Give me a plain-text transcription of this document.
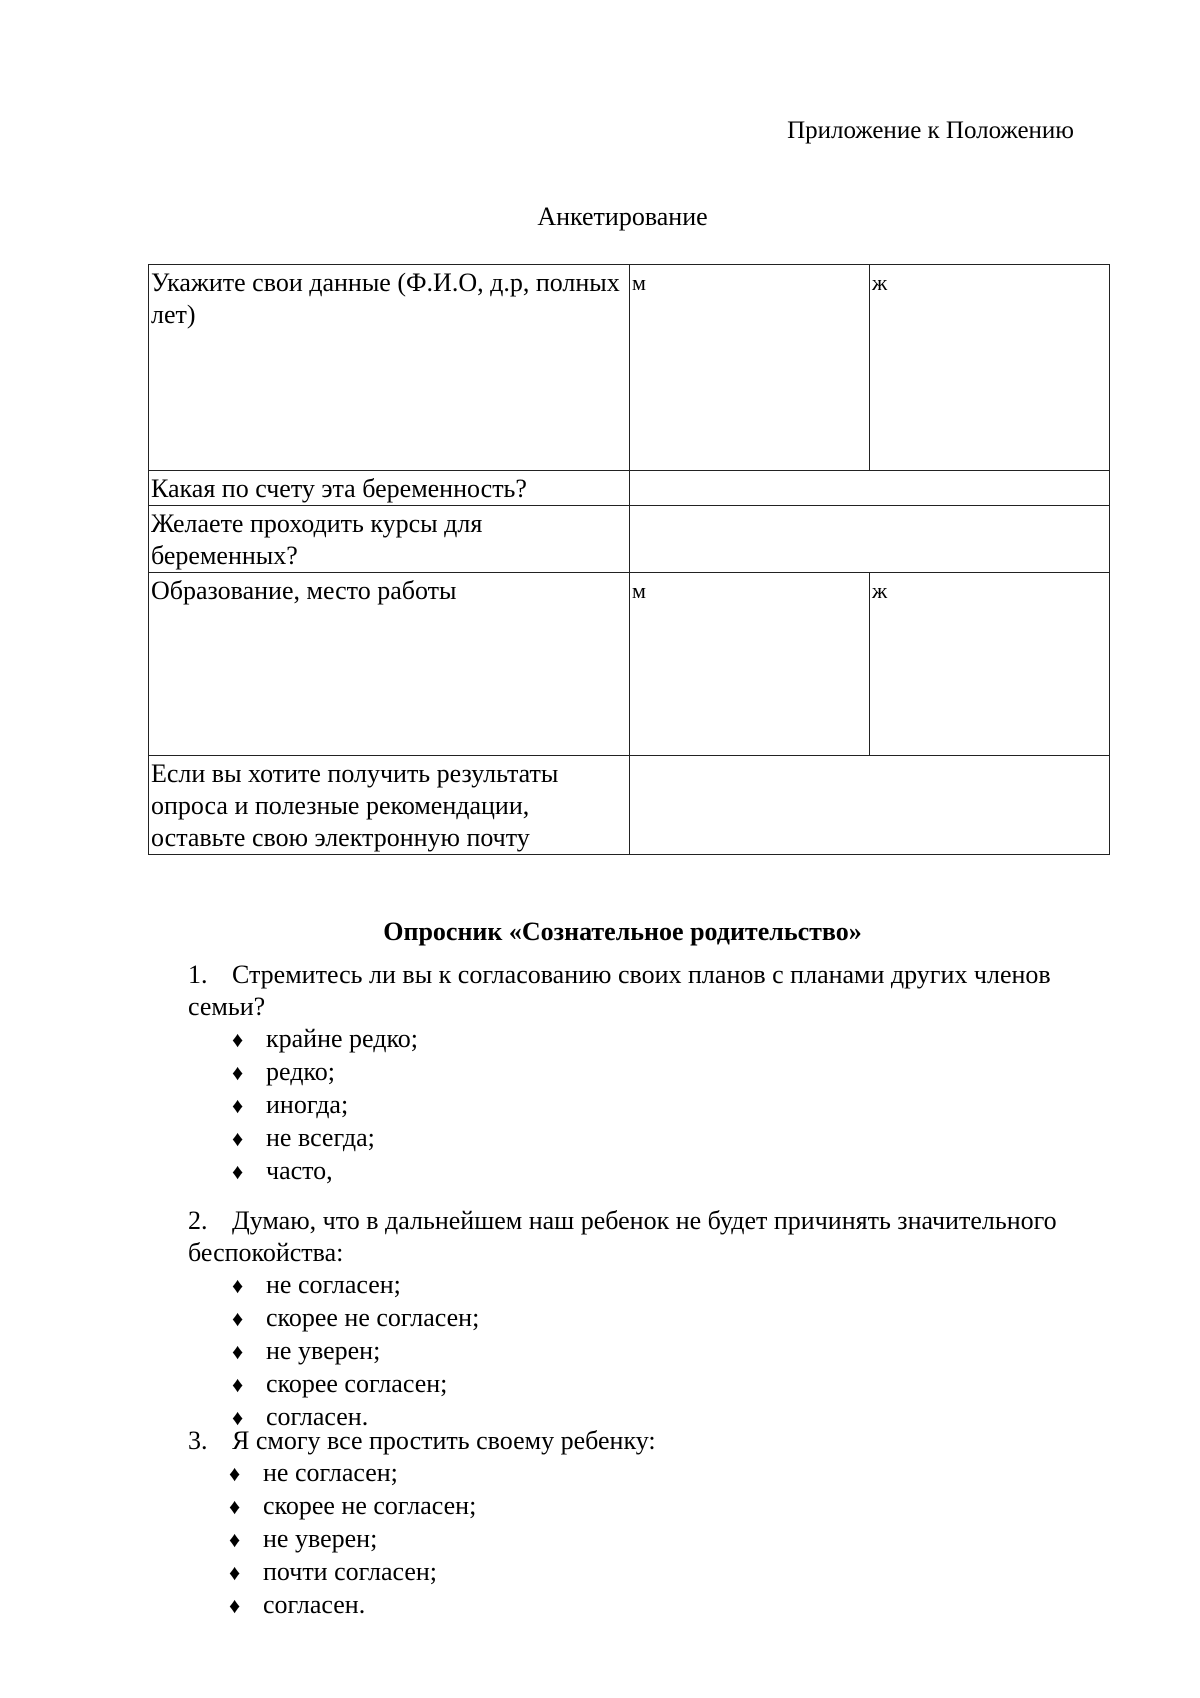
Приложение к Положению
Анкетирование
Укажите свои данные (Ф.И.О, д.р, полных лет)	м	ж
Какая по счету эта беременность?		
Желаете проходить курсы для беременных?		
Образование, место работы	м	ж
Если вы хотите получить результаты опроса и полезные рекомендации, оставьте свою электронную почту		
Опросник «Сознательное родительство»
1. Стремитесь ли вы к согласованию своих планов с планами других членов семьи?
♦ крайне редко;
♦ редко;
♦ иногда;
♦ не всегда;
♦ часто,
2. Думаю, что в дальнейшем наш ребенок не будет причинять значительного беспокойства:
♦ не согласен;
♦ скорее не согласен;
♦ не уверен;
♦ скорее согласен;
♦ согласен.
3. Я смогу все простить своему ребенку:
♦ не согласен;
♦ скорее не согласен;
♦ не уверен;
♦ почти согласен;
♦ согласен.
